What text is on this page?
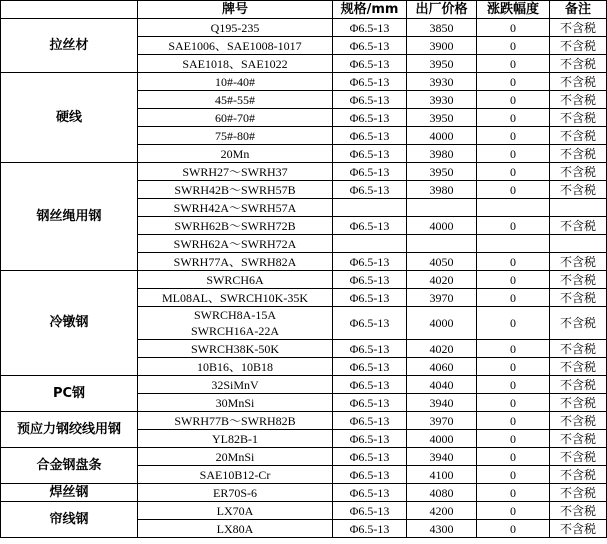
	牌号	规格/mm	出厂价格	涨跌幅度	备注
拉丝材	Q195-235	Φ6.5-13	3850	0	不含税

	SAE1006、SAE1008-1017	Φ6.5-13	3900	0	不含税

	SAE1018、SAE1022	Φ6.5-13	3950	0	不含税
硬线	10#-40#	Φ6.5-13	3930	0	不含税

	45#-55#	Φ6.5-13	3930	0	不含税

	60#-70#	Φ6.5-13	3950	0	不含税

	75#-80#	Φ6.5-13	4000	0	不含税

	20Mn	Φ6.5-13	3980	0	不含税
钢丝绳用钢	SWRH27～SWRH37	Φ6.5-13	3950	0	不含税

	SWRH42B～SWRH57B	Φ6.5-13	3980	0	不含税

	SWRH42A～SWRH57A				

	SWRH62B～SWRH72B	Φ6.5-13	4000	0	不含税

	SWRH62A～SWRH72A				

	SWRH77A、SWRH82A	Φ6.5-13	4050	0	不含税
冷镦钢	SWRCH6A	Φ6.5-13	4020	0	不含税

	ML08AL、SWRCH10K-35K	Φ6.5-13	3970	0	不含税

	SWRCH8A-15A
SWRCH16A-22A	Φ6.5-13	4000	0	不含税

	SWRCH38K-50K	Φ6.5-13	4020	0	不含税

	10B16、10B18	Φ6.5-13	4060	0	不含税
PC钢	32SiMnV	Φ6.5-13	4040	0	不含税

	30MnSi	Φ6.5-13	3940	0	不含税
预应力钢绞线用钢	SWRH77B～SWRH82B	Φ6.5-13	3970	0	不含税

	YL82B-1	Φ6.5-13	4000	0	不含税
合金钢盘条	20MnSi	Φ6.5-13	3940	0	不含税

	SAE10B12-Cr	Φ6.5-13	4100	0	不含税
焊丝钢	ER70S-6	Φ6.5-13	4080	0	不含税
帘线钢	LX70A	Φ6.5-13	4200	0	不含税

	LX80A	Φ6.5-13	4300	0	不含税
